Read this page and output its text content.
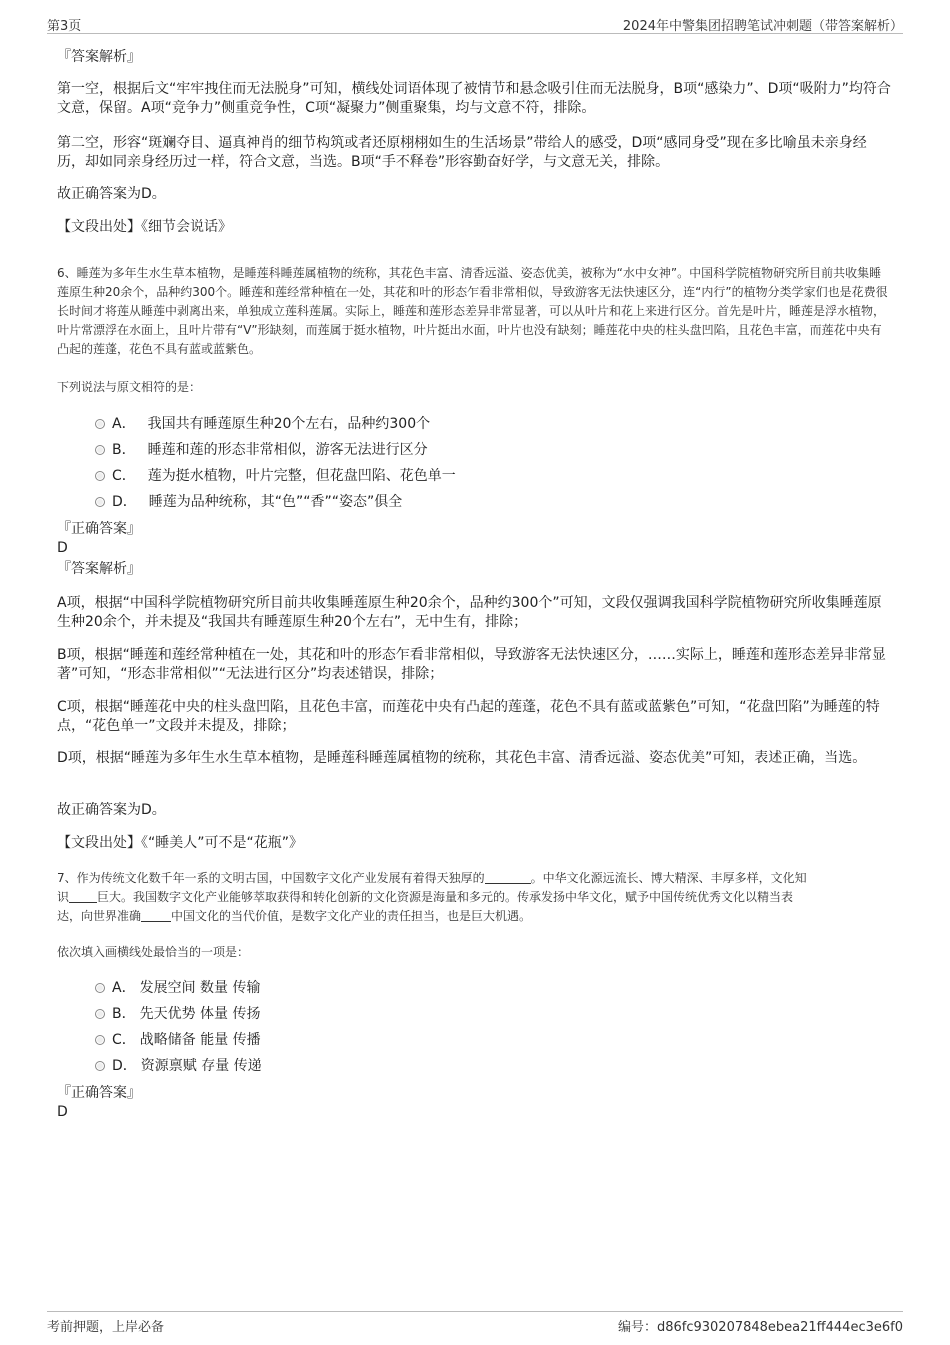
第3页	2024年中警集团招聘笔试冲刺题（带答案解析）
『答案解析』
第一空，根据后文“牢牢拽住而无法脱身”可知，横线处词语体现了被情节和悬念吸引住而无法脱身，B项“感染力”、D项“吸附力”均符合文意，保留。A项“竞争力”侧重竞争性，C项“凝聚力”侧重聚集，均与文意不符，排除。
第二空，形容“斑斓夺目、逼真神肖的细节构筑或者还原栩栩如生的生活场景”带给人的感受，D项“感同身受”现在多比喻虽未亲身经历，却如同亲身经历过一样，符合文意，当选。B项“手不释卷”形容勤奋好学，与文意无关，排除。
故正确答案为D。
【文段出处】《细节会说话》
6、睡莲为多年生水生草本植物，是睡莲科睡莲属植物的统称，其花色丰富、清香远溢、姿态优美，被称为“水中女神”。中国科学院植物研究所目前共收集睡莲原生种20余个，品种约300个。睡莲和莲经常种植在一处，其花和叶的形态乍看非常相似，导致游客无法快速区分，连“内行”的植物分类学家们也是花费很长时间才将莲从睡莲中剥离出来，单独成立莲科莲属。实际上，睡莲和莲形态差异非常显著，可以从叶片和花上来进行区分。首先是叶片，睡莲是浮水植物，叶片常漂浮在水面上，且叶片带有“V”形缺刻，而莲属于挺水植物，叶片挺出水面，叶片也没有缺刻；睡莲花中央的柱头盘凹陷，且花色丰富，而莲花中央有凸起的莲蓬，花色不具有蓝或蓝紫色。
下列说法与原文相符的是：
A． 我国共有睡莲原生种20个左右，品种约300个
B． 睡莲和莲的形态非常相似，游客无法进行区分
C． 莲为挺水植物，叶片完整，但花盘凹陷、花色单一
D． 睡莲为品种统称，其“色”“香”“姿态”俱全
『正确答案』
D
『答案解析』
A项，根据“中国科学院植物研究所目前共收集睡莲原生种20余个，品种约300个”可知，文段仅强调我国科学院植物研究所收集睡莲原生种20余个，并未提及“我国共有睡莲原生种20个左右”，无中生有，排除；
B项，根据“睡莲和莲经常种植在一处，其花和叶的形态乍看非常相似，导致游客无法快速区分，……实际上，睡莲和莲形态差异非常显著”可知，“形态非常相似”“无法进行区分”均表述错误，排除；
C项，根据“睡莲花中央的柱头盘凹陷，且花色丰富，而莲花中央有凸起的莲蓬，花色不具有蓝或蓝紫色”可知，“花盘凹陷”为睡莲的特点，“花色单一”文段并未提及，排除；
D项，根据“睡莲为多年生水生草本植物，是睡莲科睡莲属植物的统称，其花色丰富、清香远溢、姿态优美”可知，表述正确，当选。
故正确答案为D。
【文段出处】《“睡美人”可不是“花瓶”》
7、作为传统文化数千年一系的文明古国，中国数字文化产业发展有着得天独厚的	。中华文化源远流长、博大精深、丰厚多样，文化知
识 巨大。我国数字文化产业能够萃取获得和转化创新的文化资源是海量和多元的。传承发扬中华文化，赋予中国传统优秀文化以精当表
达，向世界准确	中国文化的当代价值，是数字文化产业的责任担当，也是巨大机遇。
依次填入画横线处最恰当的一项是：
A． 发展空间 数量 传输
B． 先天优势 体量 传扬
C． 战略储备 能量 传播
D． 资源禀赋 存量 传递
『正确答案』
D
考前押题，上岸必备	编号：d86fc930207848ebea21ff444ec3e6f0
